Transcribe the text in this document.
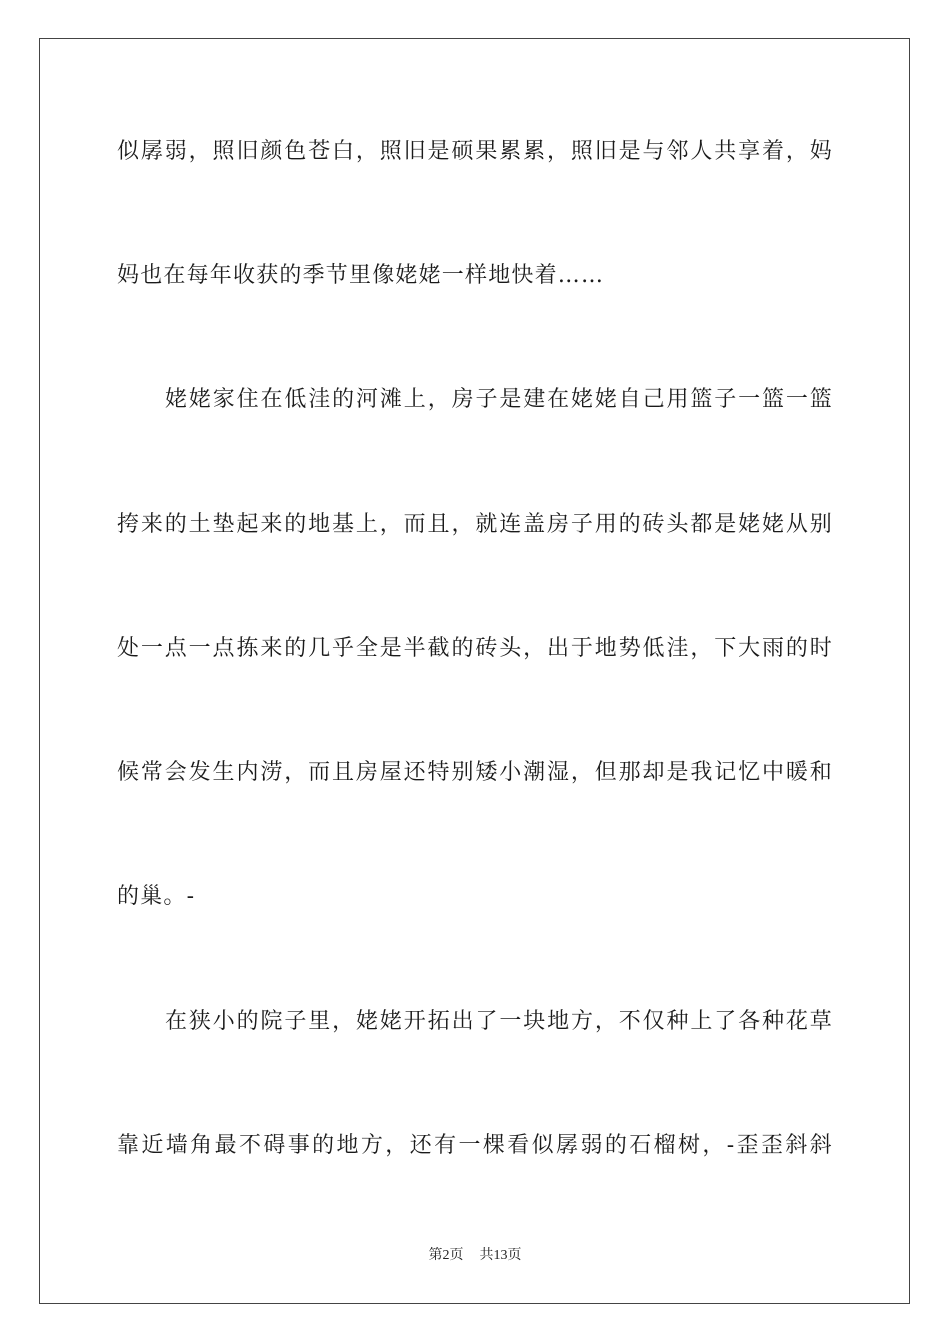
似孱弱，照旧颜色苍白，照旧是硕果累累，照旧是与邻人共享着，妈
妈也在每年收获的季节里像姥姥一样地快着……
姥姥家住在低洼的河滩上，房子是建在姥姥自己用篮子一篮一篮
挎来的土垫起来的地基上，而且，就连盖房子用的砖头都是姥姥从别
处一点一点拣来的几乎全是半截的砖头，出于地势低洼，下大雨的时
候常会发生内涝，而且房屋还特别矮小潮湿，但那却是我记忆中暖和
的巢。-
在狭小的院子里，姥姥开拓出了一块地方，不仅种上了各种花草
靠近墙角最不碍事的地方，还有一棵看似孱弱的石榴树，-歪歪斜斜
第2页 共13页
